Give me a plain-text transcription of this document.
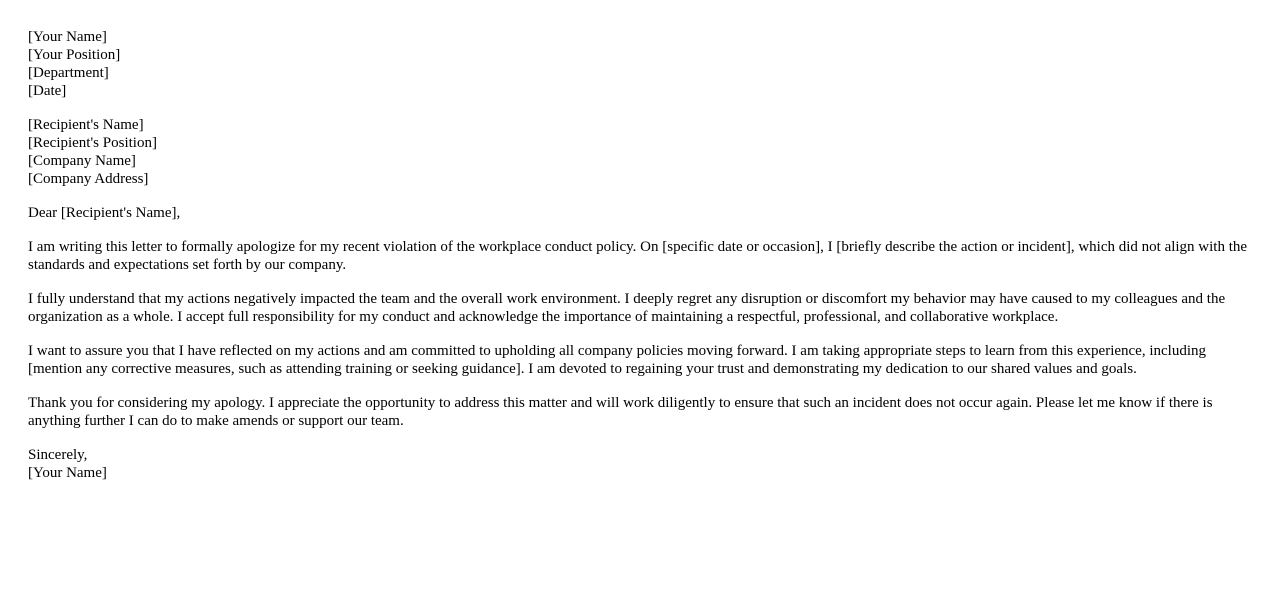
[Your Name]
[Your Position]
[Department]
[Date]
[Recipient's Name]
[Recipient's Position]
[Company Name]
[Company Address]

Dear [Recipient's Name],

I am writing this letter to formally apologize for my recent violation of the workplace conduct policy. On [specific date or occasion], I [briefly describe the action or incident], which did not align with the standards and expectations set forth by our company.

I fully understand that my actions negatively impacted the team and the overall work environment. I deeply regret any disruption or discomfort my behavior may have caused to my colleagues and the organization as a whole. I accept full responsibility for my conduct and acknowledge the importance of maintaining a respectful, professional, and collaborative workplace.

I want to assure you that I have reflected on my actions and am committed to upholding all company policies moving forward. I am taking appropriate steps to learn from this experience, including [mention any corrective measures, such as attending training or seeking guidance]. I am devoted to regaining your trust and demonstrating my dedication to our shared values and goals.

Thank you for considering my apology. I appreciate the opportunity to address this matter and will work diligently to ensure that such an incident does not occur again. Please let me know if there is anything further I can do to make amends or support our team.

Sincerely,
[Your Name]
